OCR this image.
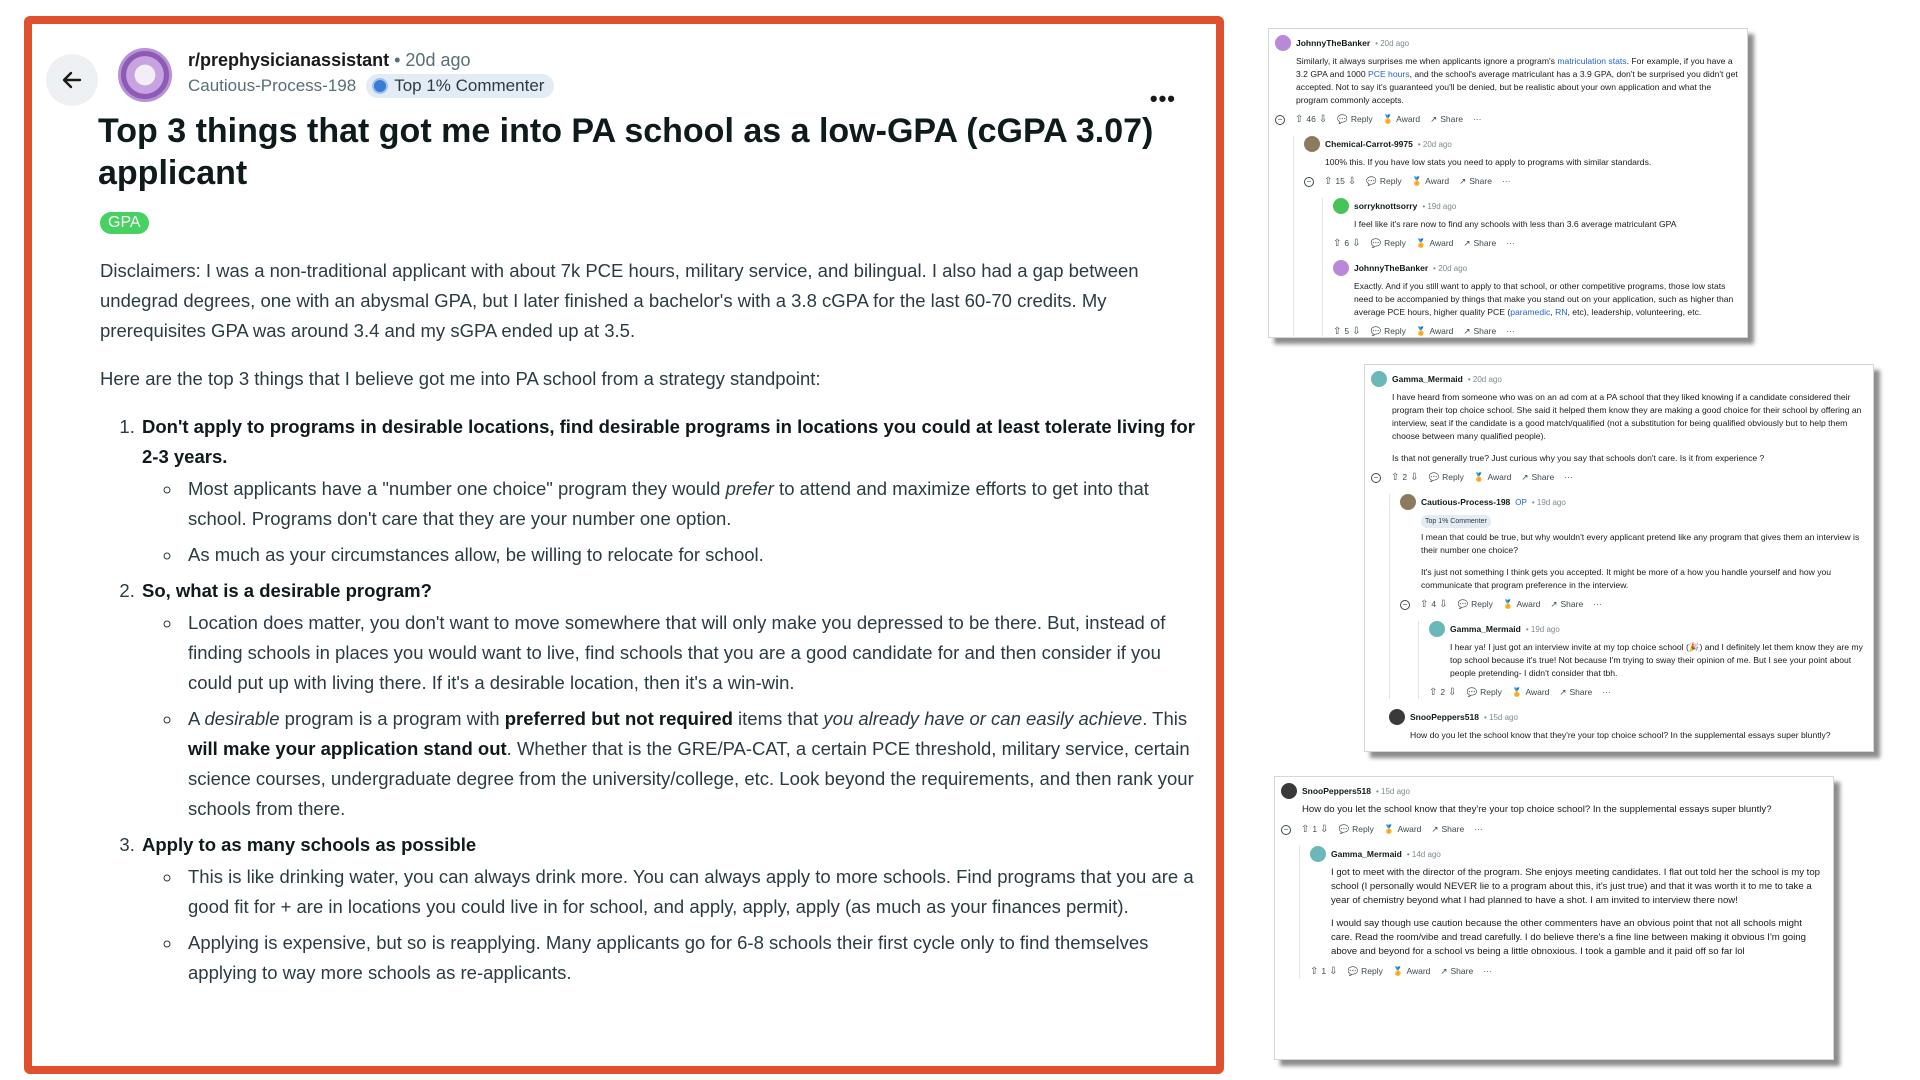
r/prephysicianassistant • 20d ago
Cautious-Process-198 Top 1% Commenter
•••
Top 3 things that got me into PA school as a low-GPA (cGPA 3.07) applicant
GPA

Disclaimers: I was a non-traditional applicant with about 7k PCE hours, military service, and bilingual. I also had a gap between undegrad degrees, one with an abysmal GPA, but I later finished a bachelor's with a 3.8 cGPA for the last 60-70 credits. My prerequisites GPA was around 3.4 and my sGPA ended up at 3.5.

Here are the top 3 things that I believe got me into PA school from a strategy standpoint:

1. Don't apply to programs in desirable locations, find desirable programs in locations you could at least tolerate living for 2-3 years.
◦ Most applicants have a "number one choice" program they would prefer to attend and maximize efforts to get into that school. Programs don't care that they are your number one option.
◦ As much as your circumstances allow, be willing to relocate for school.
2. So, what is a desirable program?
◦ Location does matter, you don't want to move somewhere that will only make you depressed to be there. But, instead of finding schools in places you would want to live, find schools that you are a good candidate for and then consider if you could put up with living there. If it's a desirable location, then it's a win-win.
◦ A desirable program is a program with preferred but not required items that you already have or can easily achieve. This will make your application stand out. Whether that is the GRE/PA-CAT, a certain PCE threshold, military service, certain science courses, undergraduate degree from the university/college, etc. Look beyond the requirements, and then rank your schools from there.
3. Apply to as many schools as possible
◦ This is like drinking water, you can always drink more. You can always apply to more schools. Find programs that you are a good fit for + are in locations you could live in for school, and apply, apply, apply (as much as your finances permit).
◦ Applying is expensive, but so is reapplying. Many applicants go for 6-8 schools their first cycle only to find themselves applying to way more schools as re-applicants.
JohnnyTheBanker • 20d ago
Similarly, it always surprises me when applicants ignore a program's matriculation stats. For example, if you have a 3.2 GPA and 1000 PCE hours, and the school's average matriculant has a 3.9 GPA, don't be surprised you didn't get accepted. Not to say it's guaranteed you'll be denied, but be realistic about your own application and what the program commonly accepts.
− ⇧ 46 ⇩ 💬 Reply 🏅 Award ↗ Share ···
Chemical-Carrot-9975 • 20d ago
100% this. If you have low stats you need to apply to programs with similar standards.
− ⇧ 15 ⇩ 💬 Reply 🏅 Award ↗ Share ···
sorryknottsorry • 19d ago
I feel like it's rare now to find any schools with less than 3.6 average matriculant GPA
⇧ 6 ⇩ 💬 Reply 🏅 Award ↗ Share ···
JohnnyTheBanker • 20d ago
Exactly. And if you still want to apply to that school, or other competitive programs, those low stats need to be accompanied by things that make you stand out on your application, such as higher than average PCE hours, higher quality PCE (paramedic, RN, etc), leadership, volunteering, etc.
⇧ 5 ⇩ 💬 Reply 🏅 Award ↗ Share ···
Gamma_Mermaid • 20d ago

I have heard from someone who was on an ad com at a PA school that they liked knowing if a candidate considered their program their top choice school. She said it helped them know they are making a good choice for their school by offering an interview, seat if the candidate is a good match/qualified (not a substitution for being qualified obviously but to help them choose between many qualified people).

Is that not generally true? Just curious why you say that schools don't care. Is it from experience ?

− ⇧ 2 ⇩ 💬 Reply 🏅 Award ↗ Share ···
Cautious-Process-198 OP • 19d ago
Top 1% Commenter

I mean that could be true, but why wouldn't every applicant pretend like any program that gives them an interview is their number one choice?

It's just not something I think gets you accepted. It might be more of a how you handle yourself and how you communicate that program preference in the interview.

− ⇧ 4 ⇩ 💬 Reply 🏅 Award ↗ Share ···
Gamma_Mermaid • 19d ago
I hear ya! I just got an interview invite at my top choice school (🎉) and I definitely let them know they are my top school because it's true! Not because I'm trying to sway their opinion of me. But I see your point about people pretending- I didn't consider that tbh.
⇧ 2 ⇩ 💬 Reply 🏅 Award ↗ Share ···
SnooPeppers518 • 15d ago
How do you let the school know that they're your top choice school? In the supplemental essays super bluntly?
SnooPeppers518 • 15d ago
How do you let the school know that they're your top choice school? In the supplemental essays super bluntly?
− ⇧ 1 ⇩ 💬 Reply 🏅 Award ↗ Share ···
Gamma_Mermaid • 14d ago

I got to meet with the director of the program. She enjoys meeting candidates. I flat out told her the school is my top school (I personally would NEVER lie to a program about this, it's just true) and that it was worth it to me to take a year of chemistry beyond what I had planned to have a shot. I am invited to interview there now!

I would say though use caution because the other commenters have an obvious point that not all schools might care. Read the room/vibe and tread carefully. I do believe there's a fine line between making it obvious I'm going above and beyond for a school vs being a little obnoxious. I took a gamble and it paid off so far lol

⇧ 1 ⇩ 💬 Reply 🏅 Award ↗ Share ···
